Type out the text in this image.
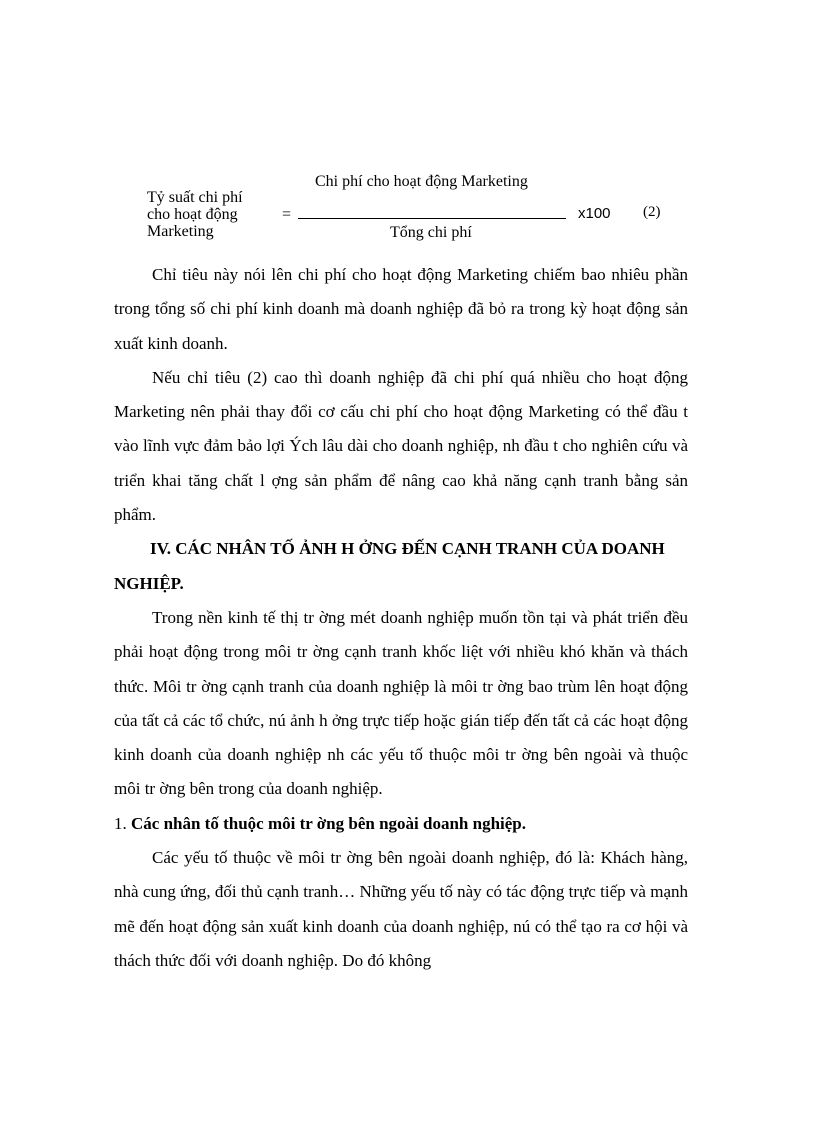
Chi phí cho hoạt động Marketing
Tỷ suất chi phí
cho hoạt động
Marketing
=	x100 (2)
Tổng chi phí

Chỉ tiêu này nói lên chi phí cho hoạt động Marketing chiếm bao nhiêu phần trong tổng số chi phí kinh doanh mà doanh nghiệp đã bỏ ra trong kỳ hoạt động sản xuất kinh doanh.

Nếu chỉ tiêu (2) cao thì doanh nghiệp đã chi phí quá nhiều cho hoạt động Marketing nên phải thay đổi cơ cấu chi phí cho hoạt động Marketing có thể đầu t vào lĩnh vực đảm bảo lợi Ých lâu dài cho doanh nghiệp, nh đầu t cho nghiên cứu và triển khai tăng chất l ợng sản phẩm để nâng cao khả năng cạnh tranh bằng sản phẩm.

IV. CÁC NHÂN TỐ ẢNH H ỞNG ĐẾN CẠNH TRANH CỦA DOANH NGHIỆP.

Trong nền kinh tế thị tr ờng mét doanh nghiệp muốn tồn tại và phát triển đều phải hoạt động trong môi tr ờng cạnh tranh khốc liệt với nhiều khó khăn và thách thức. Môi tr ờng cạnh tranh của doanh nghiệp là môi tr ờng bao trùm lên hoạt động của tất cả các tổ chức, nú ảnh h ởng trực tiếp hoặc gián tiếp đến tất cả các hoạt động kinh doanh của doanh nghiệp nh các yếu tố thuộc môi tr ờng bên ngoài và thuộc môi tr ờng bên trong của doanh nghiệp.

1. Các nhân tố thuộc môi tr ờng bên ngoài doanh nghiệp.

Các yếu tố thuộc về môi tr ờng bên ngoài doanh nghiệp, đó là: Khách hàng, nhà cung ứng, đối thủ cạnh tranh… Những yếu tố này có tác động trực tiếp và mạnh mẽ đến hoạt động sản xuất kinh doanh của doanh nghiệp, nú có thể tạo ra cơ hội và thách thức đối với doanh nghiệp. Do đó không
